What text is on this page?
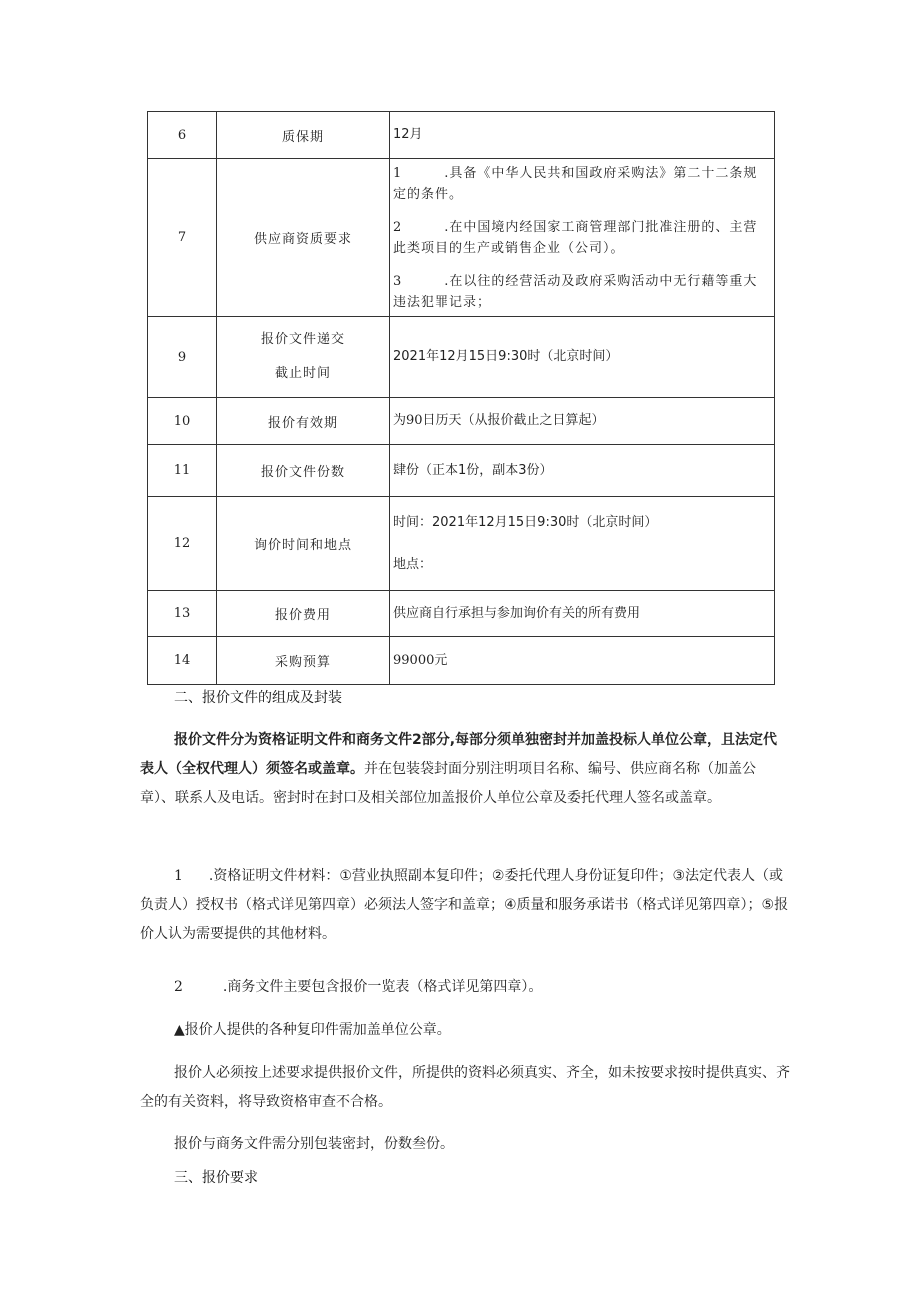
6	质保期	12月
7	供应商资质要求	1 .具备《中华人民共和国政府采购法》第二十二条规定的条件。

2 .在中国境内经国家工商管理部门批准注册的、主营此类项目的生产或销售企业（公司）。

3 .在以往的经营活动及政府采购活动中无行藉等重大违法犯罪记录；

9	报价文件递交
截止时间	2021年12月15日9:30时（北京时间）
10	报价有效期	为90日历天（从报价截止之日算起）
11	报价文件份数	肆份（正本1份，副本3份）
12	询价时间和地点	时间：2021年12月15日9:30时（北京时间）
地点：

13	报价费用	供应商自行承担与参加询价有关的所有费用
14	采购预算	99000元
二、报价文件的组成及封装

报价文件分为资格证明文件和商务文件2部分,每部分须单独密封并加盖投标人单位公章，且法定代表人（全权代理人）须签名或盖章。并在包装袋封面分别注明项目名称、编号、供应商名称（加盖公章）、联系人及电话。密封时在封口及相关部位加盖报价人单位公章及委托代理人签名或盖章。

1 .资格证明文件材料：①营业执照副本复印件；②委托代理人身份证复印件；③法定代表人（或负责人）授权书（格式详见第四章）必须法人签字和盖章；④质量和服务承诺书（格式详见第四章）；⑤报价人认为需要提供的其他材料。

2	.商务文件主要包含报价一览表（格式详见第四章）。

▲报价人提供的各种复印件需加盖单位公章。

报价人必须按上述要求提供报价文件，所提供的资料必须真实、齐全，如未按要求按时提供真实、齐全的有关资料，将导致资格审查不合格。

报价与商务文件需分别包装密封，份数叁份。

三、报价要求
